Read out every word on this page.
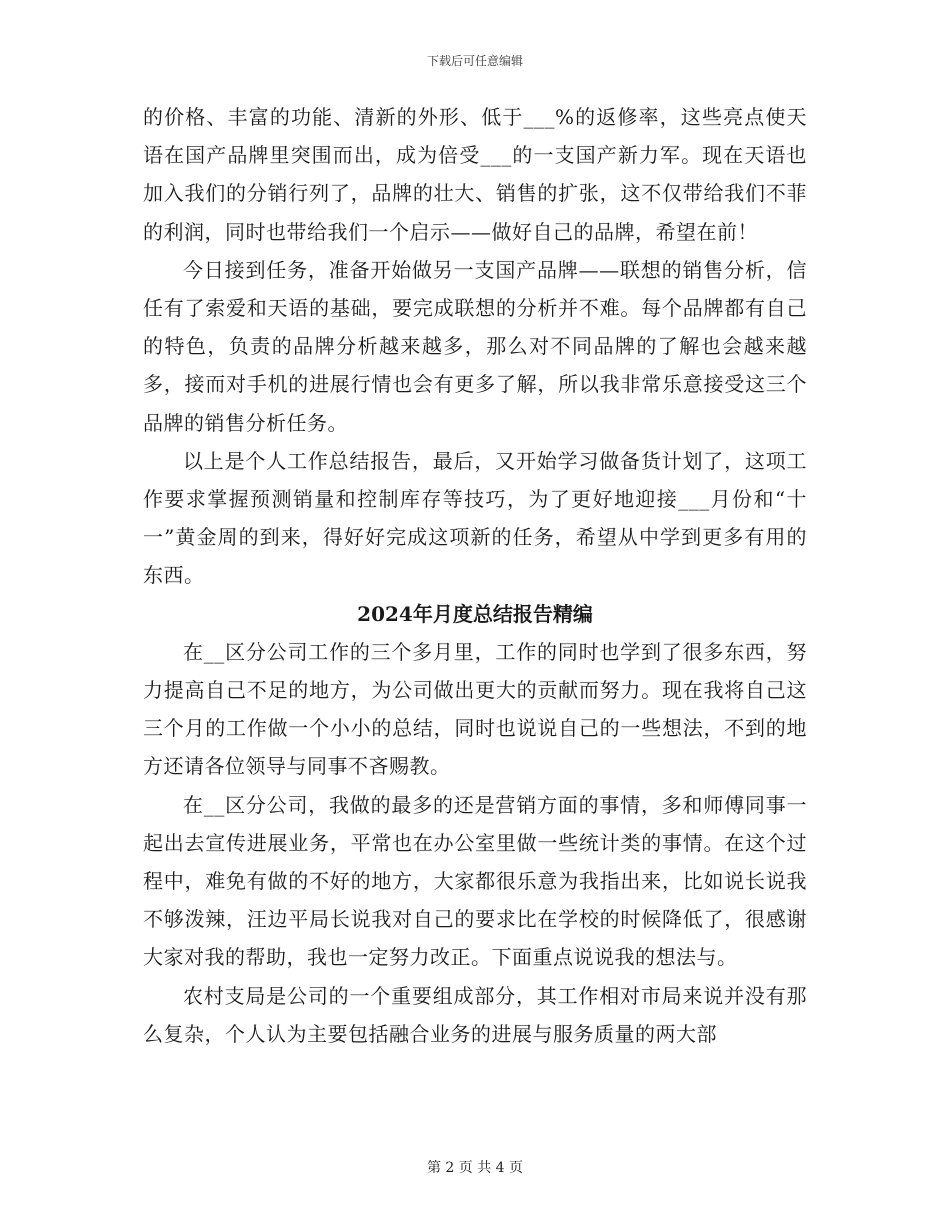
下载后可任意编辑

的价格、丰富的功能、清新的外形、低于___%的返修率，这些亮点使天语在国产品牌里突围而出，成为倍受___的一支国产新力军。现在天语也加入我们的分销行列了，品牌的壮大、销售的扩张，这不仅带给我们不菲的利润，同时也带给我们一个启示——做好自己的品牌，希望在前！

今日接到任务，准备开始做另一支国产品牌——联想的销售分析，信任有了索爱和天语的基础，要完成联想的分析并不难。每个品牌都有自己的特色，负责的品牌分析越来越多，那么对不同品牌的了解也会越来越多，接而对手机的进展行情也会有更多了解，所以我非常乐意接受这三个品牌的销售分析任务。

以上是个人工作总结报告，最后，又开始学习做备货计划了，这项工作要求掌握预测销量和控制库存等技巧，为了更好地迎接___月份和“十一”黄金周的到来，得好好完成这项新的任务，希望从中学到更多有用的东西。

2024年月度总结报告精编

在__区分公司工作的三个多月里，工作的同时也学到了很多东西，努力提高自己不足的地方，为公司做出更大的贡献而努力。现在我将自己这三个月的工作做一个小小的总结，同时也说说自己的一些想法，不到的地方还请各位领导与同事不吝赐教。

在__区分公司，我做的最多的还是营销方面的事情，多和师傅同事一起出去宣传进展业务，平常也在办公室里做一些统计类的事情。在这个过程中，难免有做的不好的地方，大家都很乐意为我指出来，比如说长说我不够泼辣，汪边平局长说我对自己的要求比在学校的时候降低了，很感谢大家对我的帮助，我也一定努力改正。下面重点说说我的想法与。

农村支局是公司的一个重要组成部分，其工作相对市局来说并没有那么复杂，个人认为主要包括融合业务的进展与服务质量的两大部

第 2 页 共 4 页
